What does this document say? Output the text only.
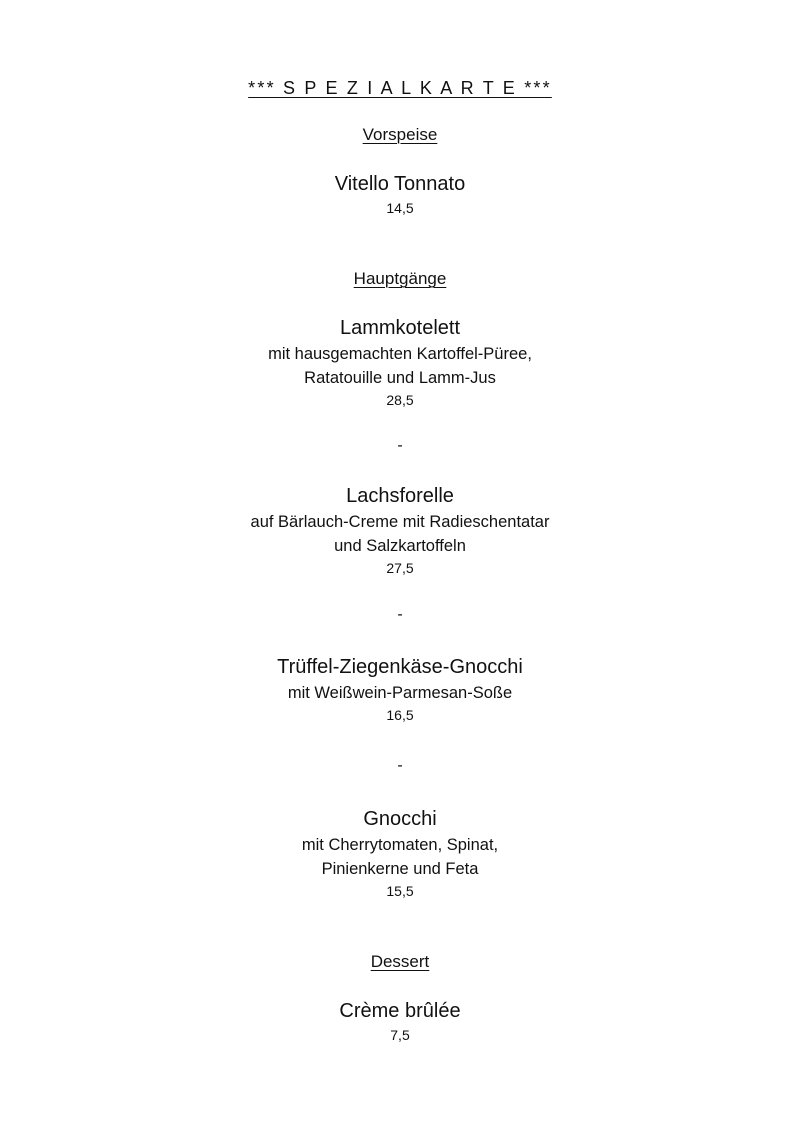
*** S P E Z I A L K A R T E ***
Vorspeise
Vitello Tonnato
14,5
Hauptgänge
Lammkotelett
mit hausgemachten Kartoffel-Püree,
Ratatouille und Lamm-Jus
28,5
-
Lachsforelle
auf Bärlauch-Creme mit Radieschentatar
und Salzkartoffeln
27,5
-
Trüffel-Ziegenkäse-Gnocchi
mit Weißwein-Parmesan-Soße
16,5
-
Gnocchi
mit Cherrytomaten, Spinat,
Pinienkerne und Feta
15,5
Dessert
Crème brûlée
7,5
